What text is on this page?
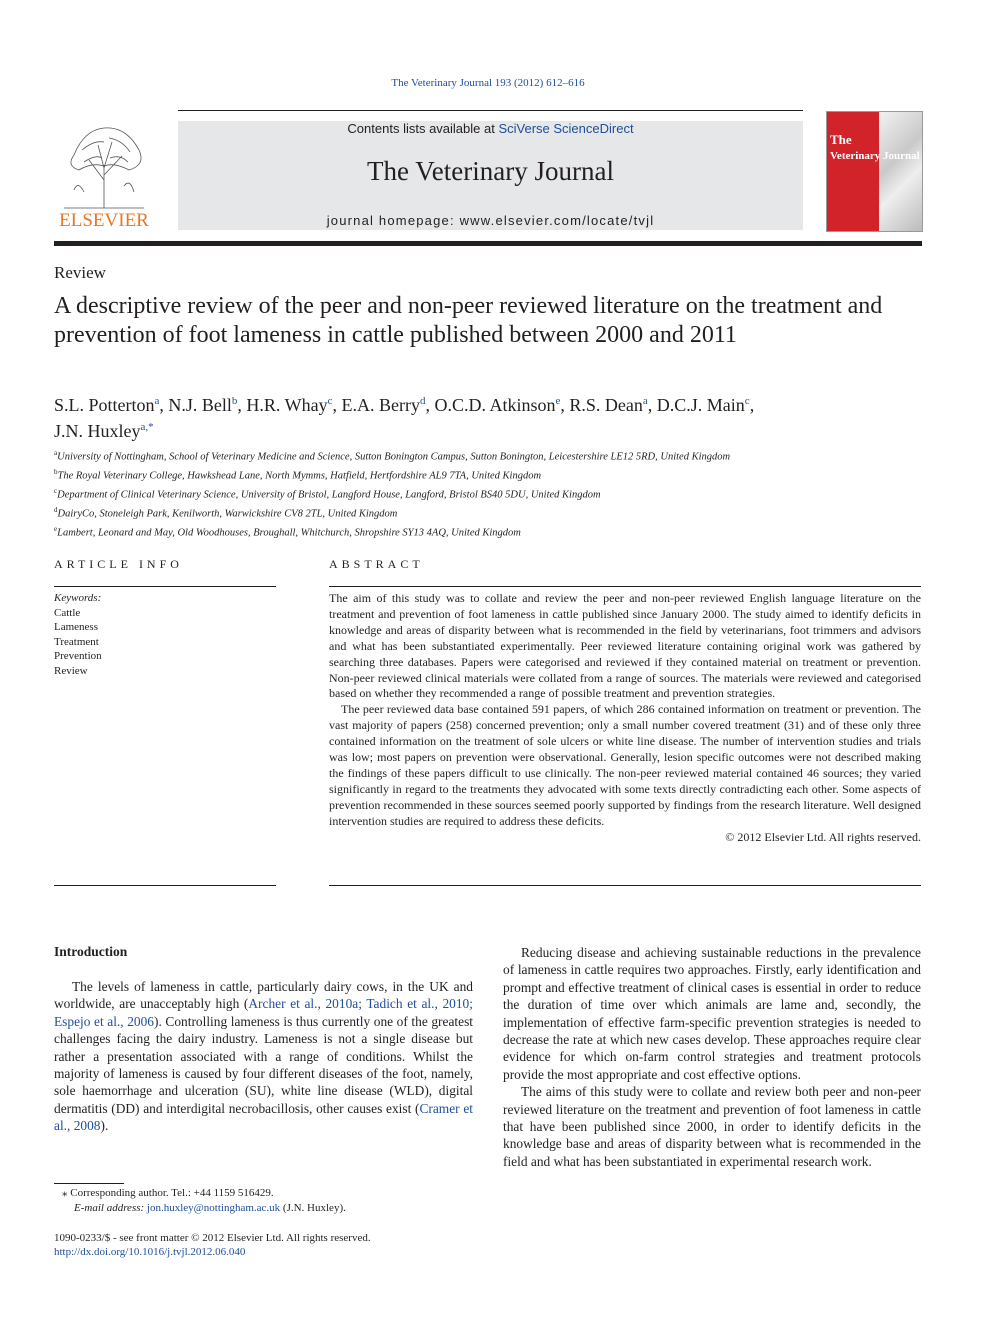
The Veterinary Journal 193 (2012) 612–616
ELSEVIER
Contents lists available at SciVerse ScienceDirect
The Veterinary Journal
journal homepage: www.elsevier.com/locate/tvjl
The
Veterinary Journal
Review
A descriptive review of the peer and non-peer reviewed literature on the treatment and prevention of foot lameness in cattle published between 2000 and 2011
S.L. Potterton$^a$, N.J. Bell$^b$, H.R. Whay$^c$, E.A. Berry$^d$, O.C.D. Atkinson$^e$, R.S. Dean$^a$, D.C.J. Main$^c$,
J.N. Huxley$^{a,*}$
$^a$University of Nottingham, School of Veterinary Medicine and Science, Sutton Bonington Campus, Sutton Bonington, Leicestershire LE12 5RD, United Kingdom
$^b$The Royal Veterinary College, Hawkshead Lane, North Mymms, Hatfield, Hertfordshire AL9 7TA, United Kingdom
$^c$Department of Clinical Veterinary Science, University of Bristol, Langford House, Langford, Bristol BS40 5DU, United Kingdom
$^d$DairyCo, Stoneleigh Park, Kenilworth, Warwickshire CV8 2TL, United Kingdom
$^e$Lambert, Leonard and May, Old Woodhouses, Broughall, Whitchurch, Shropshire SY13 4AQ, United Kingdom
ARTICLE INFO
Keywords:
Cattle
Lameness
Treatment
Prevention
Review
ABSTRACT

The aim of this study was to collate and review the peer and non-peer reviewed English language literature on the treatment and prevention of foot lameness in cattle published since January 2000. The study aimed to identify deficits in knowledge and areas of disparity between what is recommended in the field by veterinarians, foot trimmers and advisors and what has been substantiated experimentally. Peer reviewed literature containing original work was gathered by searching three databases. Papers were categorised and reviewed if they contained material on treatment or prevention. Non-peer reviewed clinical materials were collated from a range of sources. The materials were reviewed and categorised based on whether they recommended a range of possible treatment and prevention strategies.

The peer reviewed data base contained 591 papers, of which 286 contained information on treatment or prevention. The vast majority of papers (258) concerned prevention; only a small number covered treatment (31) and of these only three contained information on the treatment of sole ulcers or white line disease. The number of intervention studies and trials was low; most papers on prevention were observational. Generally, lesion specific outcomes were not described making the findings of these papers difficult to use clinically. The non-peer reviewed material contained 46 sources; they varied significantly in regard to the treatments they advocated with some texts directly contradicting each other. Some aspects of prevention recommended in these sources seemed poorly supported by findings from the research literature. Well designed intervention studies are required to address these deficits.

© 2012 Elsevier Ltd. All rights reserved.
Introduction

The levels of lameness in cattle, particularly dairy cows, in the UK and worldwide, are unacceptably high (Archer et al., 2010a; Tadich et al., 2010; Espejo et al., 2006). Controlling lameness is thus currently one of the greatest challenges facing the dairy industry. Lameness is not a single disease but rather a presentation associated with a range of conditions. Whilst the majority of lameness is caused by four different diseases of the foot, namely, sole haemorrhage and ulceration (SU), white line disease (WLD), digital dermatitis (DD) and interdigital necrobacillosis, other causes exist (Cramer et al., 2008).

Reducing disease and achieving sustainable reductions in the prevalence of lameness in cattle requires two approaches. Firstly, early identification and prompt and effective treatment of clinical cases is essential in order to reduce the duration of time over which animals are lame and, secondly, the implementation of effective farm-specific prevention strategies is needed to decrease the rate at which new cases develop. These approaches require clear evidence for which on-farm control strategies and treatment protocols provide the most appropriate and cost effective options.

The aims of this study were to collate and review both peer and non-peer reviewed literature on the treatment and prevention of foot lameness in cattle that have been published since 2000, in order to identify deficits in the knowledge base and areas of disparity between what is recommended in the field and what has been substantiated in experimental research work.

⁎ Corresponding author. Tel.: +44 1159 516429.
E-mail address: jon.huxley@nottingham.ac.uk (J.N. Huxley).
1090-0233/$ - see front matter © 2012 Elsevier Ltd. All rights reserved.
http://dx.doi.org/10.1016/j.tvjl.2012.06.040
